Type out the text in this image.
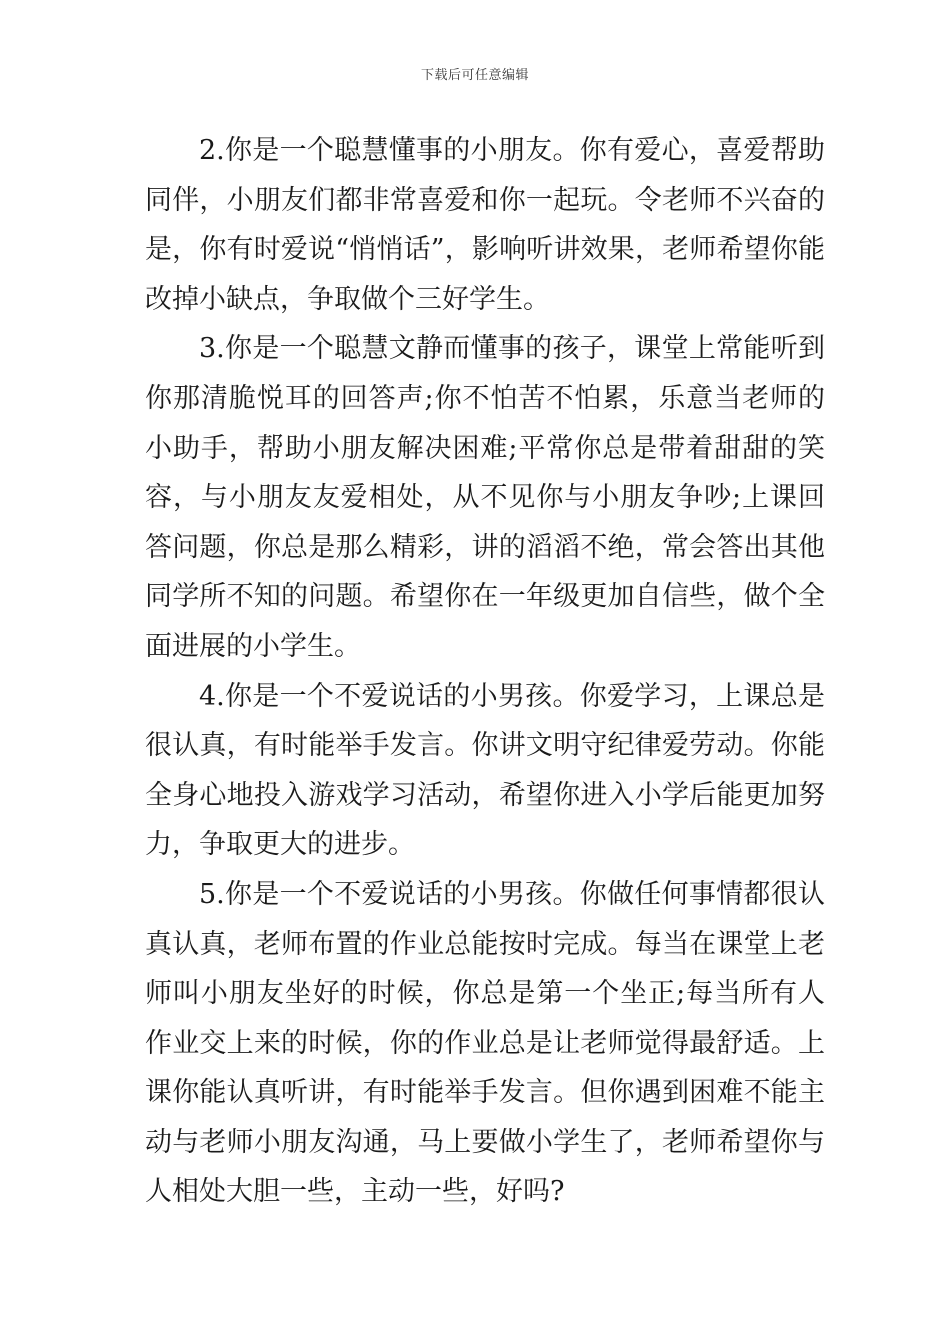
下载后可任意编辑

2.你是一个聪慧懂事的小朋友。你有爱心，喜爱帮助同伴，小朋友们都非常喜爱和你一起玩。令老师不兴奋的是，你有时爱说“悄悄话”，影响听讲效果，老师希望你能改掉小缺点，争取做个三好学生。

3.你是一个聪慧文静而懂事的孩子，课堂上常能听到你那清脆悦耳的回答声;你不怕苦不怕累，乐意当老师的小助手，帮助小朋友解决困难;平常你总是带着甜甜的笑容，与小朋友友爱相处，从不见你与小朋友争吵;上课回答问题，你总是那么精彩，讲的滔滔不绝，常会答出其他同学所不知的问题。希望你在一年级更加自信些，做个全面进展的小学生。

4.你是一个不爱说话的小男孩。你爱学习，上课总是很认真，有时能举手发言。你讲文明守纪律爱劳动。你能全身心地投入游戏学习活动，希望你进入小学后能更加努力，争取更大的进步。

5.你是一个不爱说话的小男孩。你做任何事情都很认真认真，老师布置的作业总能按时完成。每当在课堂上老师叫小朋友坐好的时候，你总是第一个坐正;每当所有人作业交上来的时候，你的作业总是让老师觉得最舒适。上课你能认真听讲，有时能举手发言。但你遇到困难不能主动与老师小朋友沟通，马上要做小学生了，老师希望你与人相处大胆一些，主动一些，好吗?
